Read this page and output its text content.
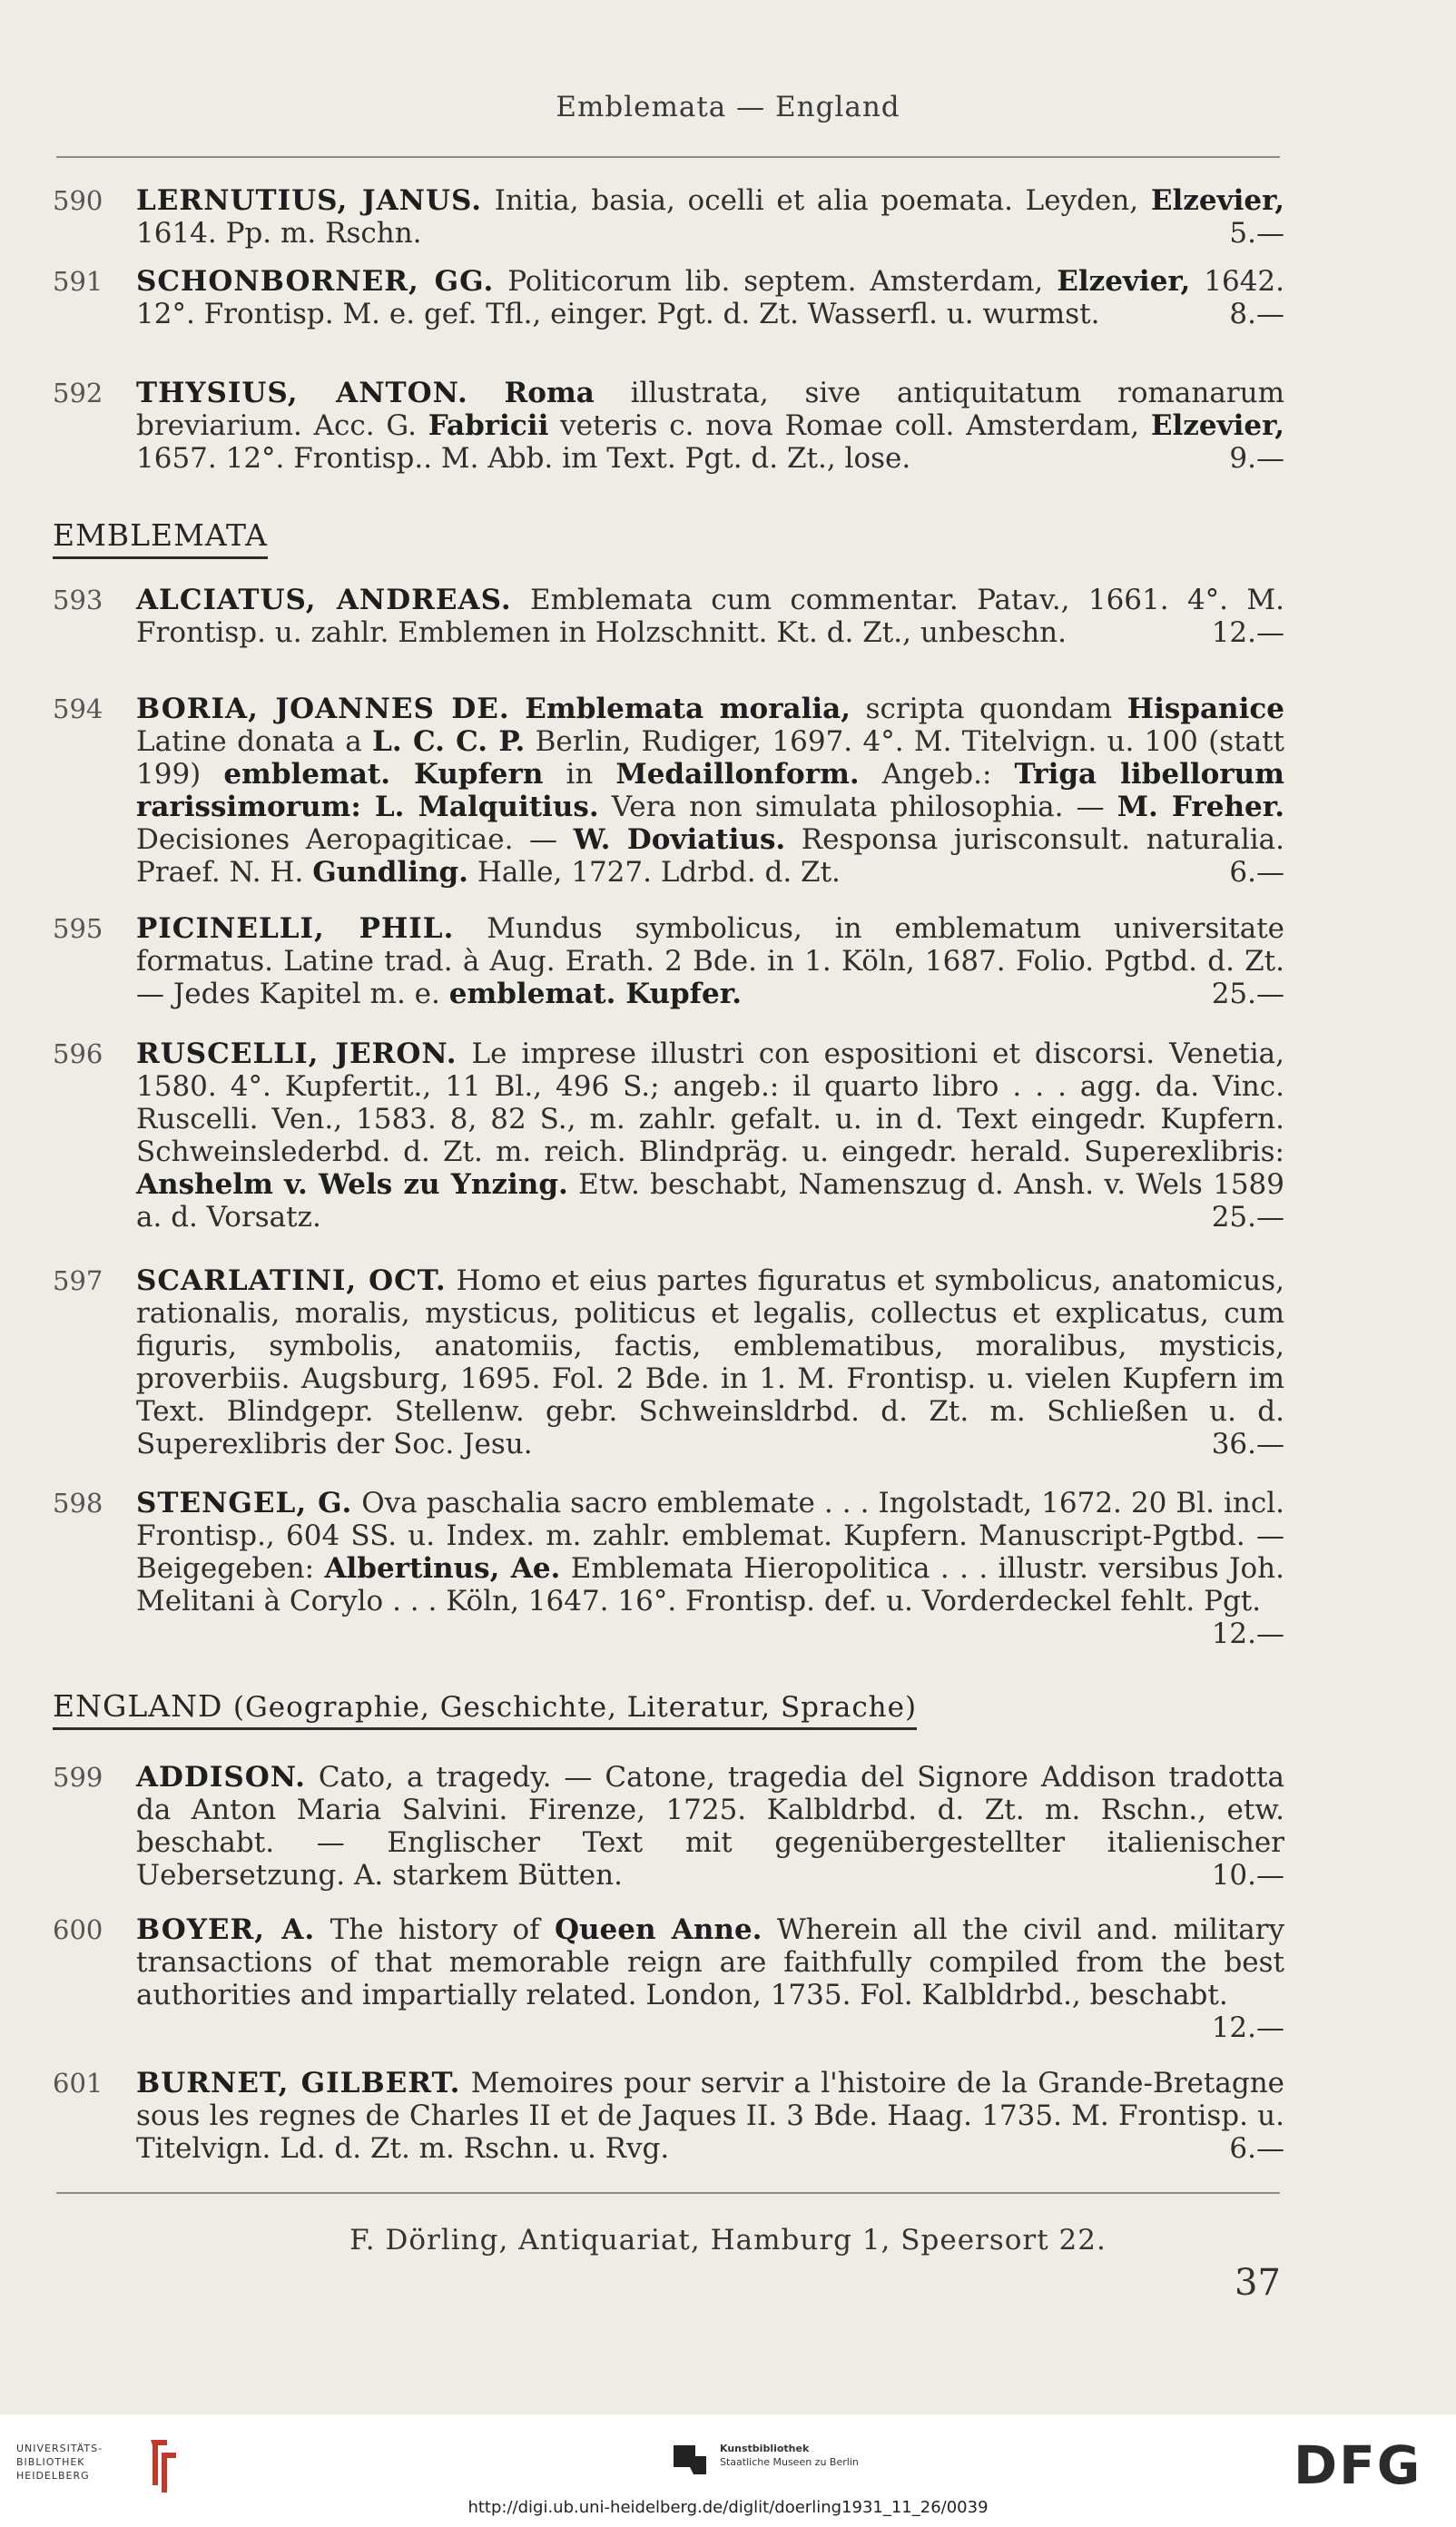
Emblemata — England
590 LERNUTIUS, JANUS. Initia, basia, ocelli et alia poemata. Leyden, Elzevier, 1614. Pp. m. Rschn.	5.—
591 SCHONBORNER, GG. Politicorum lib. septem. Amsterdam, Elzevier, 1642. 12°. Frontisp. M. e. gef. Tfl., einger. Pgt. d. Zt. Wasserfl. u. wurmst.	8.—
592 THYSIUS, ANTON. Roma illustrata, sive antiquitatum romanarum breviarium. Acc. G. Fabricii veteris c. nova Romae coll. Amsterdam, Elzevier, 1657. 12°. Frontisp.. M. Abb. im Text. Pgt. d. Zt., lose.	9.—
EMBLEMATA
593 ALCIATUS, ANDREAS. Emblemata cum commentar. Patav., 1661. 4°. M. Frontisp. u. zahlr. Emblemen in Holzschnitt. Kt. d. Zt., unbeschn.	12.—
594 BORIA, JOANNES DE. Emblemata moralia, scripta quondam Hispanice Latine donata a L. C. C. P. Berlin, Rudiger, 1697. 4°. M. Titelvign. u. 100 (statt 199) emblemat. Kupfern in Medaillonform. Angeb.: Triga libellorum rarissimorum: L. Malquitius. Vera non simulata philosophia. — M. Freher. Decisiones Aeropagiticae. — W. Doviatius. Responsa jurisconsult. naturalia. Praef. N. H. Gundling. Halle, 1727. Ldrbd. d. Zt.	6.—
595 PICINELLI, PHIL. Mundus symbolicus, in emblematum universitate formatus. Latine trad. à Aug. Erath. 2 Bde. in 1. Köln, 1687. Folio. Pgtbd. d. Zt. — Jedes Kapitel m. e. emblemat. Kupfer.	25.—
596 RUSCELLI, JERON. Le imprese illustri con espositioni et discorsi. Venetia, 1580. 4°. Kupfertit., 11 Bl., 496 S.; angeb.: il quarto libro . . . agg. da. Vinc. Ruscelli. Ven., 1583. 8, 82 S., m. zahlr. gefalt. u. in d. Text eingedr. Kupfern. Schweinslederbd. d. Zt. m. reich. Blindpräg. u. eingedr. herald. Superexlibris: Anshelm v. Wels zu Ynzing. Etw. beschabt, Namenszug d. Ansh. v. Wels 1589 a. d. Vorsatz.	25.—
597 SCARLATINI, OCT. Homo et eius partes figuratus et symbolicus, anatomicus, rationalis, moralis, mysticus, politicus et legalis, collectus et explicatus, cum figuris, symbolis, anatomiis, factis, emblematibus, moralibus, mysticis, proverbiis. Augsburg, 1695. Fol. 2 Bde. in 1. M. Frontisp. u. vielen Kupfern im Text. Blindgepr. Stellenw. gebr. Schweinsldrbd. d. Zt. m. Schließen u. d. Superexlibris der Soc. Jesu.	36.—
598 STENGEL, G. Ova paschalia sacro emblemate . . . Ingolstadt, 1672. 20 Bl. incl. Frontisp., 604 SS. u. Index. m. zahlr. emblemat. Kupfern. Manuscript-Pgtbd. — Beigegeben: Albertinus, Ae. Emblemata Hieropolitica . . . illustr. versibus Joh. Melitani à Corylo . . . Köln, 1647. 16°. Frontisp. def. u. Vorderdeckel fehlt. Pgt.
12.—
ENGLAND (Geographie, Geschichte, Literatur, Sprache)
599 ADDISON. Cato, a tragedy. — Catone, tragedia del Signore Addison tradotta da Anton Maria Salvini. Firenze, 1725. Kalbldrbd. d. Zt. m. Rschn., etw. beschabt. — Englischer Text mit gegenübergestellter italienischer Uebersetzung. A. starkem Bütten.	10.—
600 BOYER, A. The history of Queen Anne. Wherein all the civil and. military transactions of that memorable reign are faithfully compiled from the best authorities and impartially related. London, 1735. Fol. Kalbldrbd., beschabt.
12.—
601 BURNET, GILBERT. Memoires pour servir a l'histoire de la Grande-Bretagne sous les regnes de Charles II et de Jaques II. 3 Bde. Haag. 1735. M. Frontisp. u. Titelvign. Ld. d. Zt. m. Rschn. u. Rvg.	6.—
F. Dörling, Antiquariat, Hamburg 1, Speersort 22.
37
UNIVERSITÄTS-
BIBLIOTHEK
HEIDELBERG
Kunstbibliothek
Staatliche Museen zu Berlin	DFG
http://digi.ub.uni-heidelberg.de/diglit/doerling1931_11_26/0039
